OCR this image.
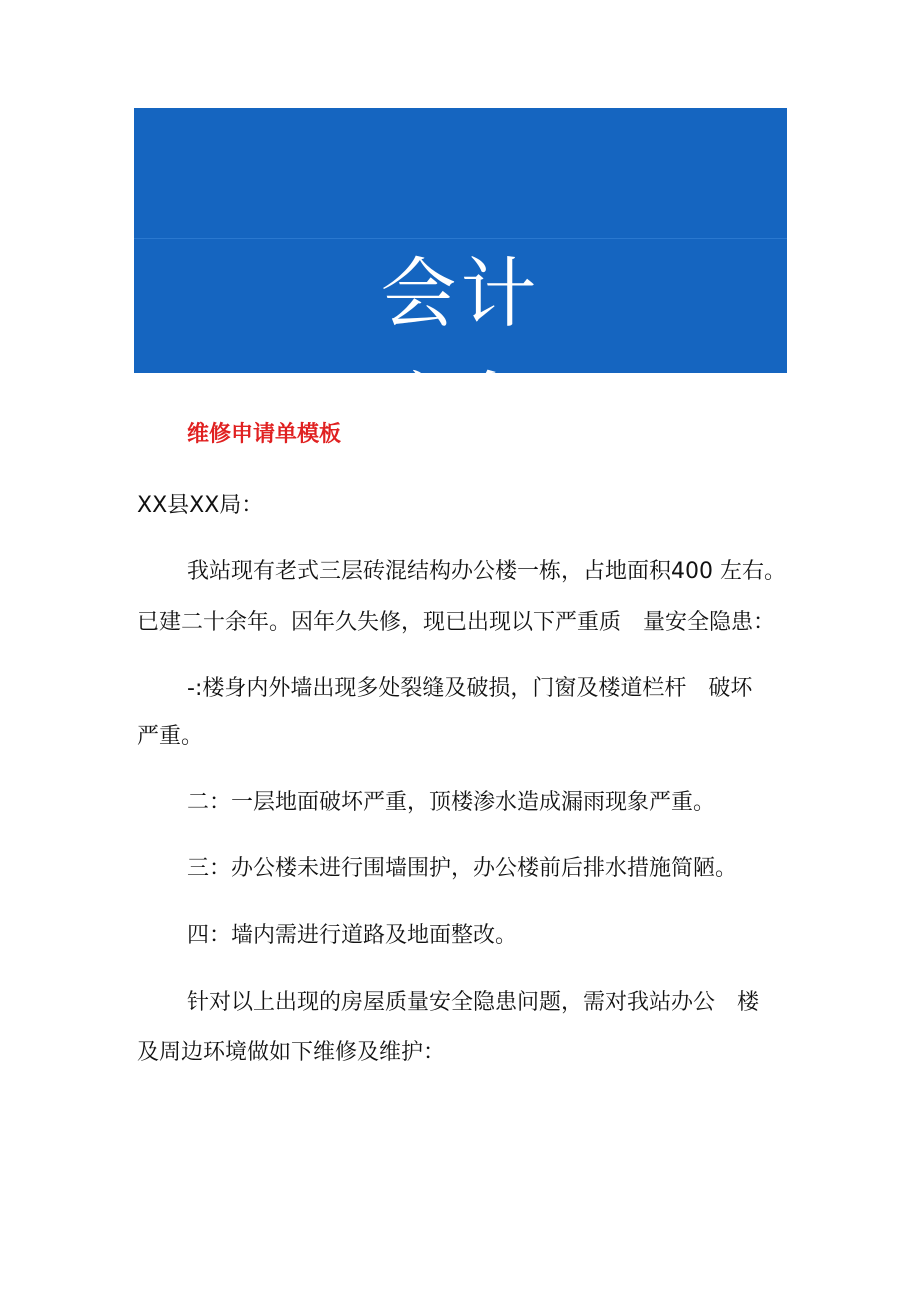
会计
实务
维修申请单模板
XX县XX局：
我站现有老式三层砖混结构办公楼一栋，占地面积400 左右。
已建二十余年。因年久失修，现已出现以下严重质　量安全隐患：
-:楼身内外墙出现多处裂缝及破损，门窗及楼道栏杆　破坏
严重。
二：一层地面破坏严重，顶楼渗水造成漏雨现象严重。
三：办公楼未进行围墙围护，办公楼前后排水措施简陋。
四：墙内需进行道路及地面整改。
针对以上出现的房屋质量安全隐患问题，需对我站办公　楼
及周边环境做如下维修及维护：
